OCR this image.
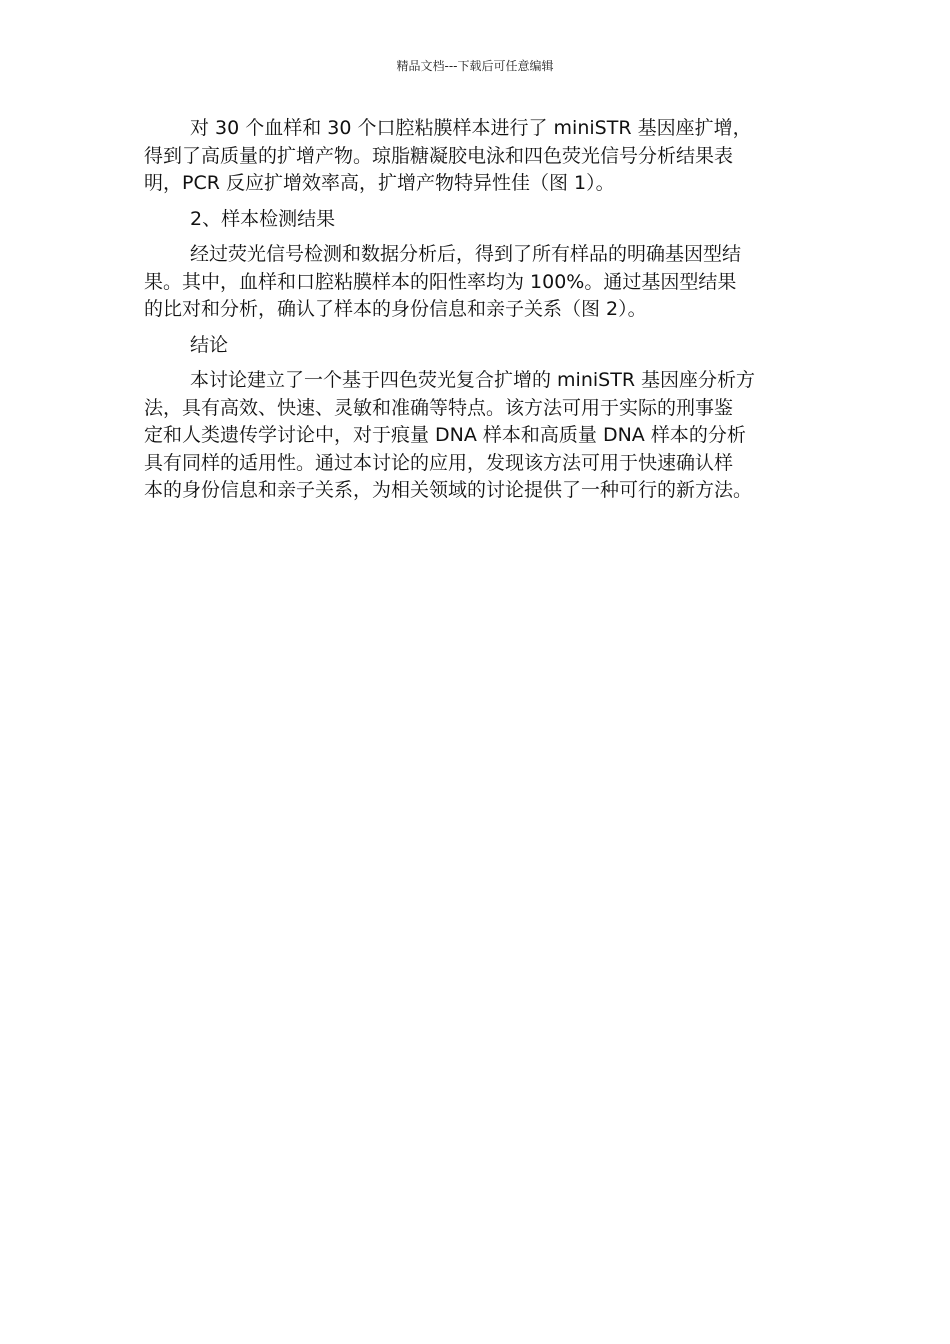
精品文档---下载后可任意编辑

对 30 个血样和 30 个口腔粘膜样本进行了 miniSTR 基因座扩增，
得到了高质量的扩增产物。琼脂糖凝胶电泳和四色荧光信号分析结果表
明，PCR 反应扩增效率高，扩增产物特异性佳（图 1）。

2、样本检测结果

经过荧光信号检测和数据分析后，得到了所有样品的明确基因型结
果。其中，血样和口腔粘膜样本的阳性率均为 100%。通过基因型结果
的比对和分析，确认了样本的身份信息和亲子关系（图 2）。

结论

本讨论建立了一个基于四色荧光复合扩增的 miniSTR 基因座分析方
法，具有高效、快速、灵敏和准确等特点。该方法可用于实际的刑事鉴
定和人类遗传学讨论中，对于痕量 DNA 样本和高质量 DNA 样本的分析
具有同样的适用性。通过本讨论的应用，发现该方法可用于快速确认样
本的身份信息和亲子关系，为相关领域的讨论提供了一种可行的新方法。
